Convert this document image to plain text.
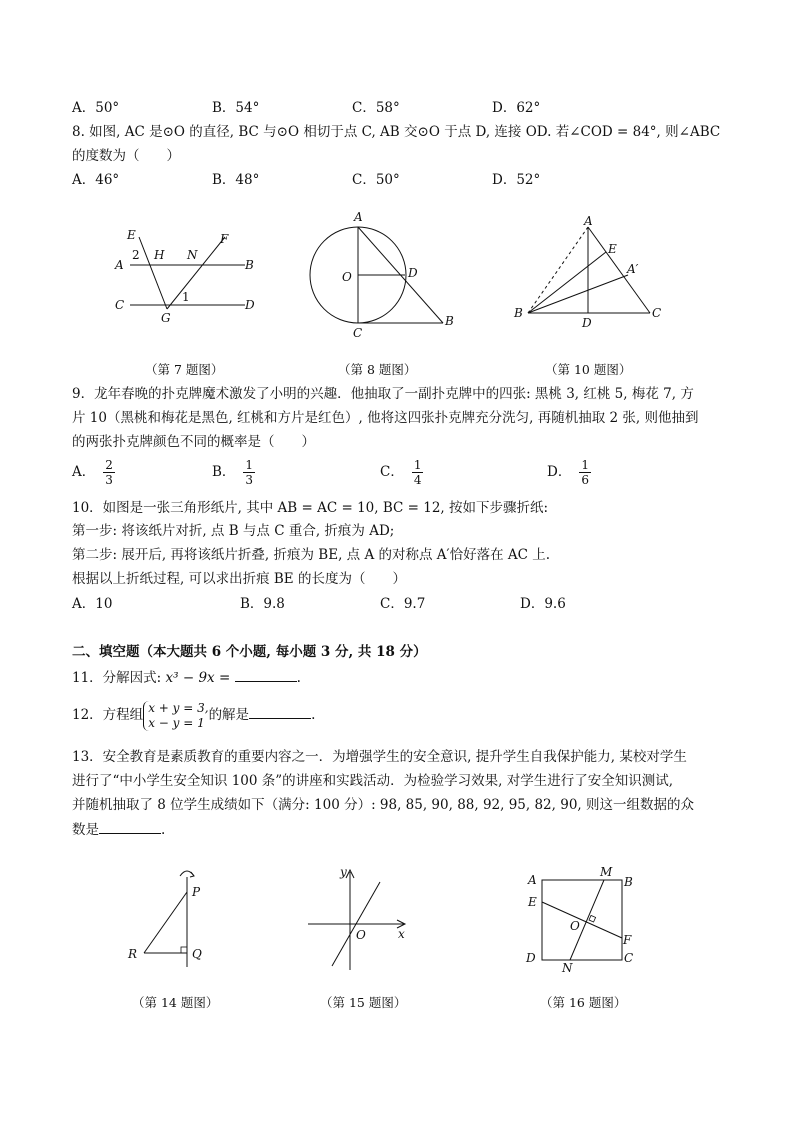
A．50°	B．54°	C．58°	D．62°
8. 如图, AC 是⊙O 的直径, BC 与⊙O 相切于点 C, AB 交⊙O 于点 D, 连接 OD. 若∠COD = 84°, 则∠ABC
的度数为（　　）
A．46°	B．48°	C．50°	D．52°
E	F
2 H N
A	B
C
1
D
G
A
O	D
C
B
A
E
A′
B
D
C
（第 7 题图）	（第 8 题图）	（第 10 题图）
9．龙年春晚的扑克牌魔术激发了小明的兴趣．他抽取了一副扑克牌中的四张: 黑桃 3, 红桃 5, 梅花 7, 方
片 10（黑桃和梅花是黑色, 红桃和方片是红色）, 他将这四张扑克牌充分洗匀, 再随机抽取 2 张, 则他抽到
的两张扑克牌颜色不同的概率是（　　）
A． $\frac{2}{3}$	B． $\frac{1}{3}$	C． $\frac{1}{4}$	D． $\frac{1}{6}$
10．如图是一张三角形纸片, 其中 AB = AC = 10, BC = 12, 按如下步骤折纸:
第一步: 将该纸片对折, 点 B 与点 C 重合, 折痕为 AD;
第二步: 展开后, 再将该纸片折叠, 折痕为 BE, 点 A 的对称点 A′恰好落在 AC 上.
根据以上折纸过程, 可以求出折痕 BE 的长度为（　　）
A．10	B．9.8	C．9.7	D．9.6
二、填空题（本大题共 6 个小题, 每小题 3 分, 共 18 分）
11．分解因式: x³ − 9x =	.
12．方程组 x + y = 3,
x − y = 1 的解是	.
13．安全教育是素质教育的重要内容之一．为增强学生的安全意识, 提升学生自我保护能力, 某校对学生
进行了“中小学生安全知识 100 条”的讲座和实践活动．为检验学习效果, 对学生进行了安全知识测试,
并随机抽取了 8 位学生成绩如下（满分: 100 分）: 98, 85, 90, 88, 92, 95, 82, 90, 则这一组数据的众
数是	.
P
R	Q
y
O	x
A
M
B
E
O
F
D
N
C
（第 14 题图）	（第 15 题图）	（第 16 题图）
